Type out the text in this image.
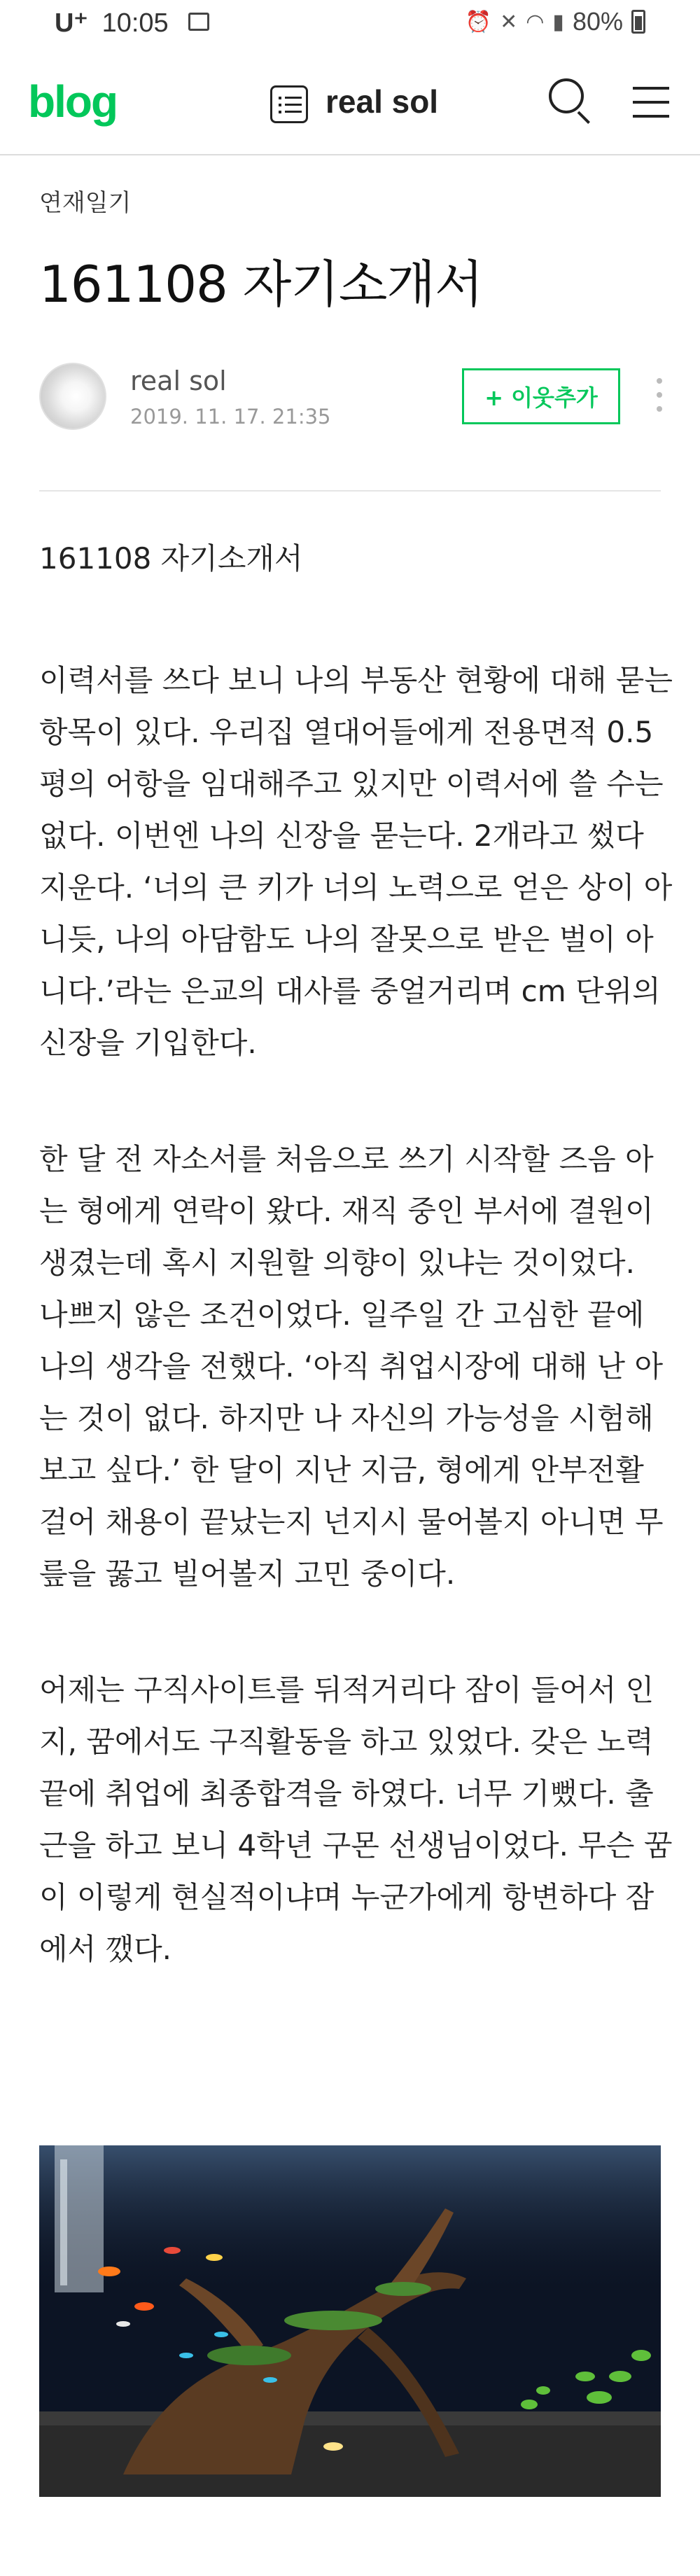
U⁺ 10:05	⏰ ✕ ◠ ▮ 80%
blog	real sol
연재일기
161108 자기소개서
real sol
2019. 11. 17. 21:35
+ 이웃추가
161108 자기소개서
이력서를 쓰다 보니 나의 부동산 현황에 대해 묻는
항목이 있다. 우리집 열대어들에게 전용면적 0.5
평의 어항을 임대해주고 있지만 이력서에 쓸 수는
없다. 이번엔 나의 신장을 묻는다. 2개라고 썼다
지운다. ‘너의 큰 키가 너의 노력으로 얻은 상이 아
니듯, 나의 아담함도 나의 잘못으로 받은 벌이 아
니다.’라는 은교의 대사를 중얼거리며 cm 단위의
신장을 기입한다.
한 달 전 자소서를 처음으로 쓰기 시작할 즈음 아
는 형에게 연락이 왔다. 재직 중인 부서에 결원이
생겼는데 혹시 지원할 의향이 있냐는 것이었다.
나쁘지 않은 조건이었다. 일주일 간 고심한 끝에
나의 생각을 전했다. ‘아직 취업시장에 대해 난 아
는 것이 없다. 하지만 나 자신의 가능성을 시험해
보고 싶다.’ 한 달이 지난 지금, 형에게 안부전활
걸어 채용이 끝났는지 넌지시 물어볼지 아니면 무
릎을 꿇고 빌어볼지 고민 중이다.
어제는 구직사이트를 뒤적거리다 잠이 들어서 인
지, 꿈에서도 구직활동을 하고 있었다. 갖은 노력
끝에 취업에 최종합격을 하였다. 너무 기뻤다. 출
근을 하고 보니 4학년 구몬 선생님이었다. 무슨 꿈
이 이렇게 현실적이냐며 누군가에게 항변하다 잠
에서 깼다.
